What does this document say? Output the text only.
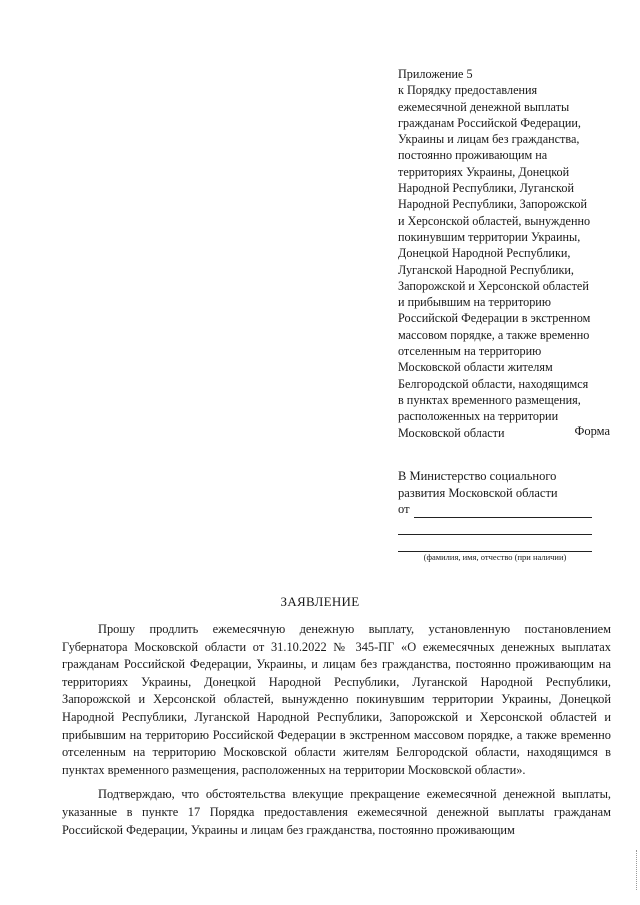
Приложение 5
к Порядку предоставления
ежемесячной денежной выплаты
гражданам Российской Федерации,
Украины и лицам без гражданства,
постоянно проживающим на
территориях Украины, Донецкой
Народной Республики, Луганской
Народной Республики, Запорожской
и Херсонской областей, вынужденно
покинувшим территории Украины,
Донецкой Народной Республики,
Луганской Народной Республики,
Запорожской и Херсонской областей
и прибывшим на территорию
Российской Федерации в экстренном
массовом порядке, а также временно
отселенным на территорию
Московской области жителям
Белгородской области, находящимся
в пунктах временного размещения,
расположенных на территории
Московской области	Форма
В Министерство социального
развития Московской области
от
(фамилия, имя, отчество (при наличии)
ЗАЯВЛЕНИЕ

Прошу продлить ежемесячную денежную выплату, установленную постановлением Губернатора Московской области от 31.10.2022 № 345-ПГ «О ежемесячных денежных выплатах гражданам Российской Федерации, Украины, и лицам без гражданства, постоянно проживающим на территориях Украины, Донецкой Народной Республики, Луганской Народной Республики, Запорожской и Херсонской областей, вынужденно покинувшим территории Украины, Донецкой Народной Республики, Луганской Народной Республики, Запорожской и Херсонской областей и прибывшим на территорию Российской Федерации в экстренном массовом порядке, а также временно отселенным на территорию Московской области жителям Белгородской области, находящимся в пунктах временного размещения, расположенных на территории Московской области».

Подтверждаю, что обстоятельства влекущие прекращение ежемесячной денежной выплаты, указанные в пункте 17 Порядка предоставления ежемесячной денежной выплаты гражданам Российской Федерации, Украины и лицам без гражданства, постоянно проживающим
